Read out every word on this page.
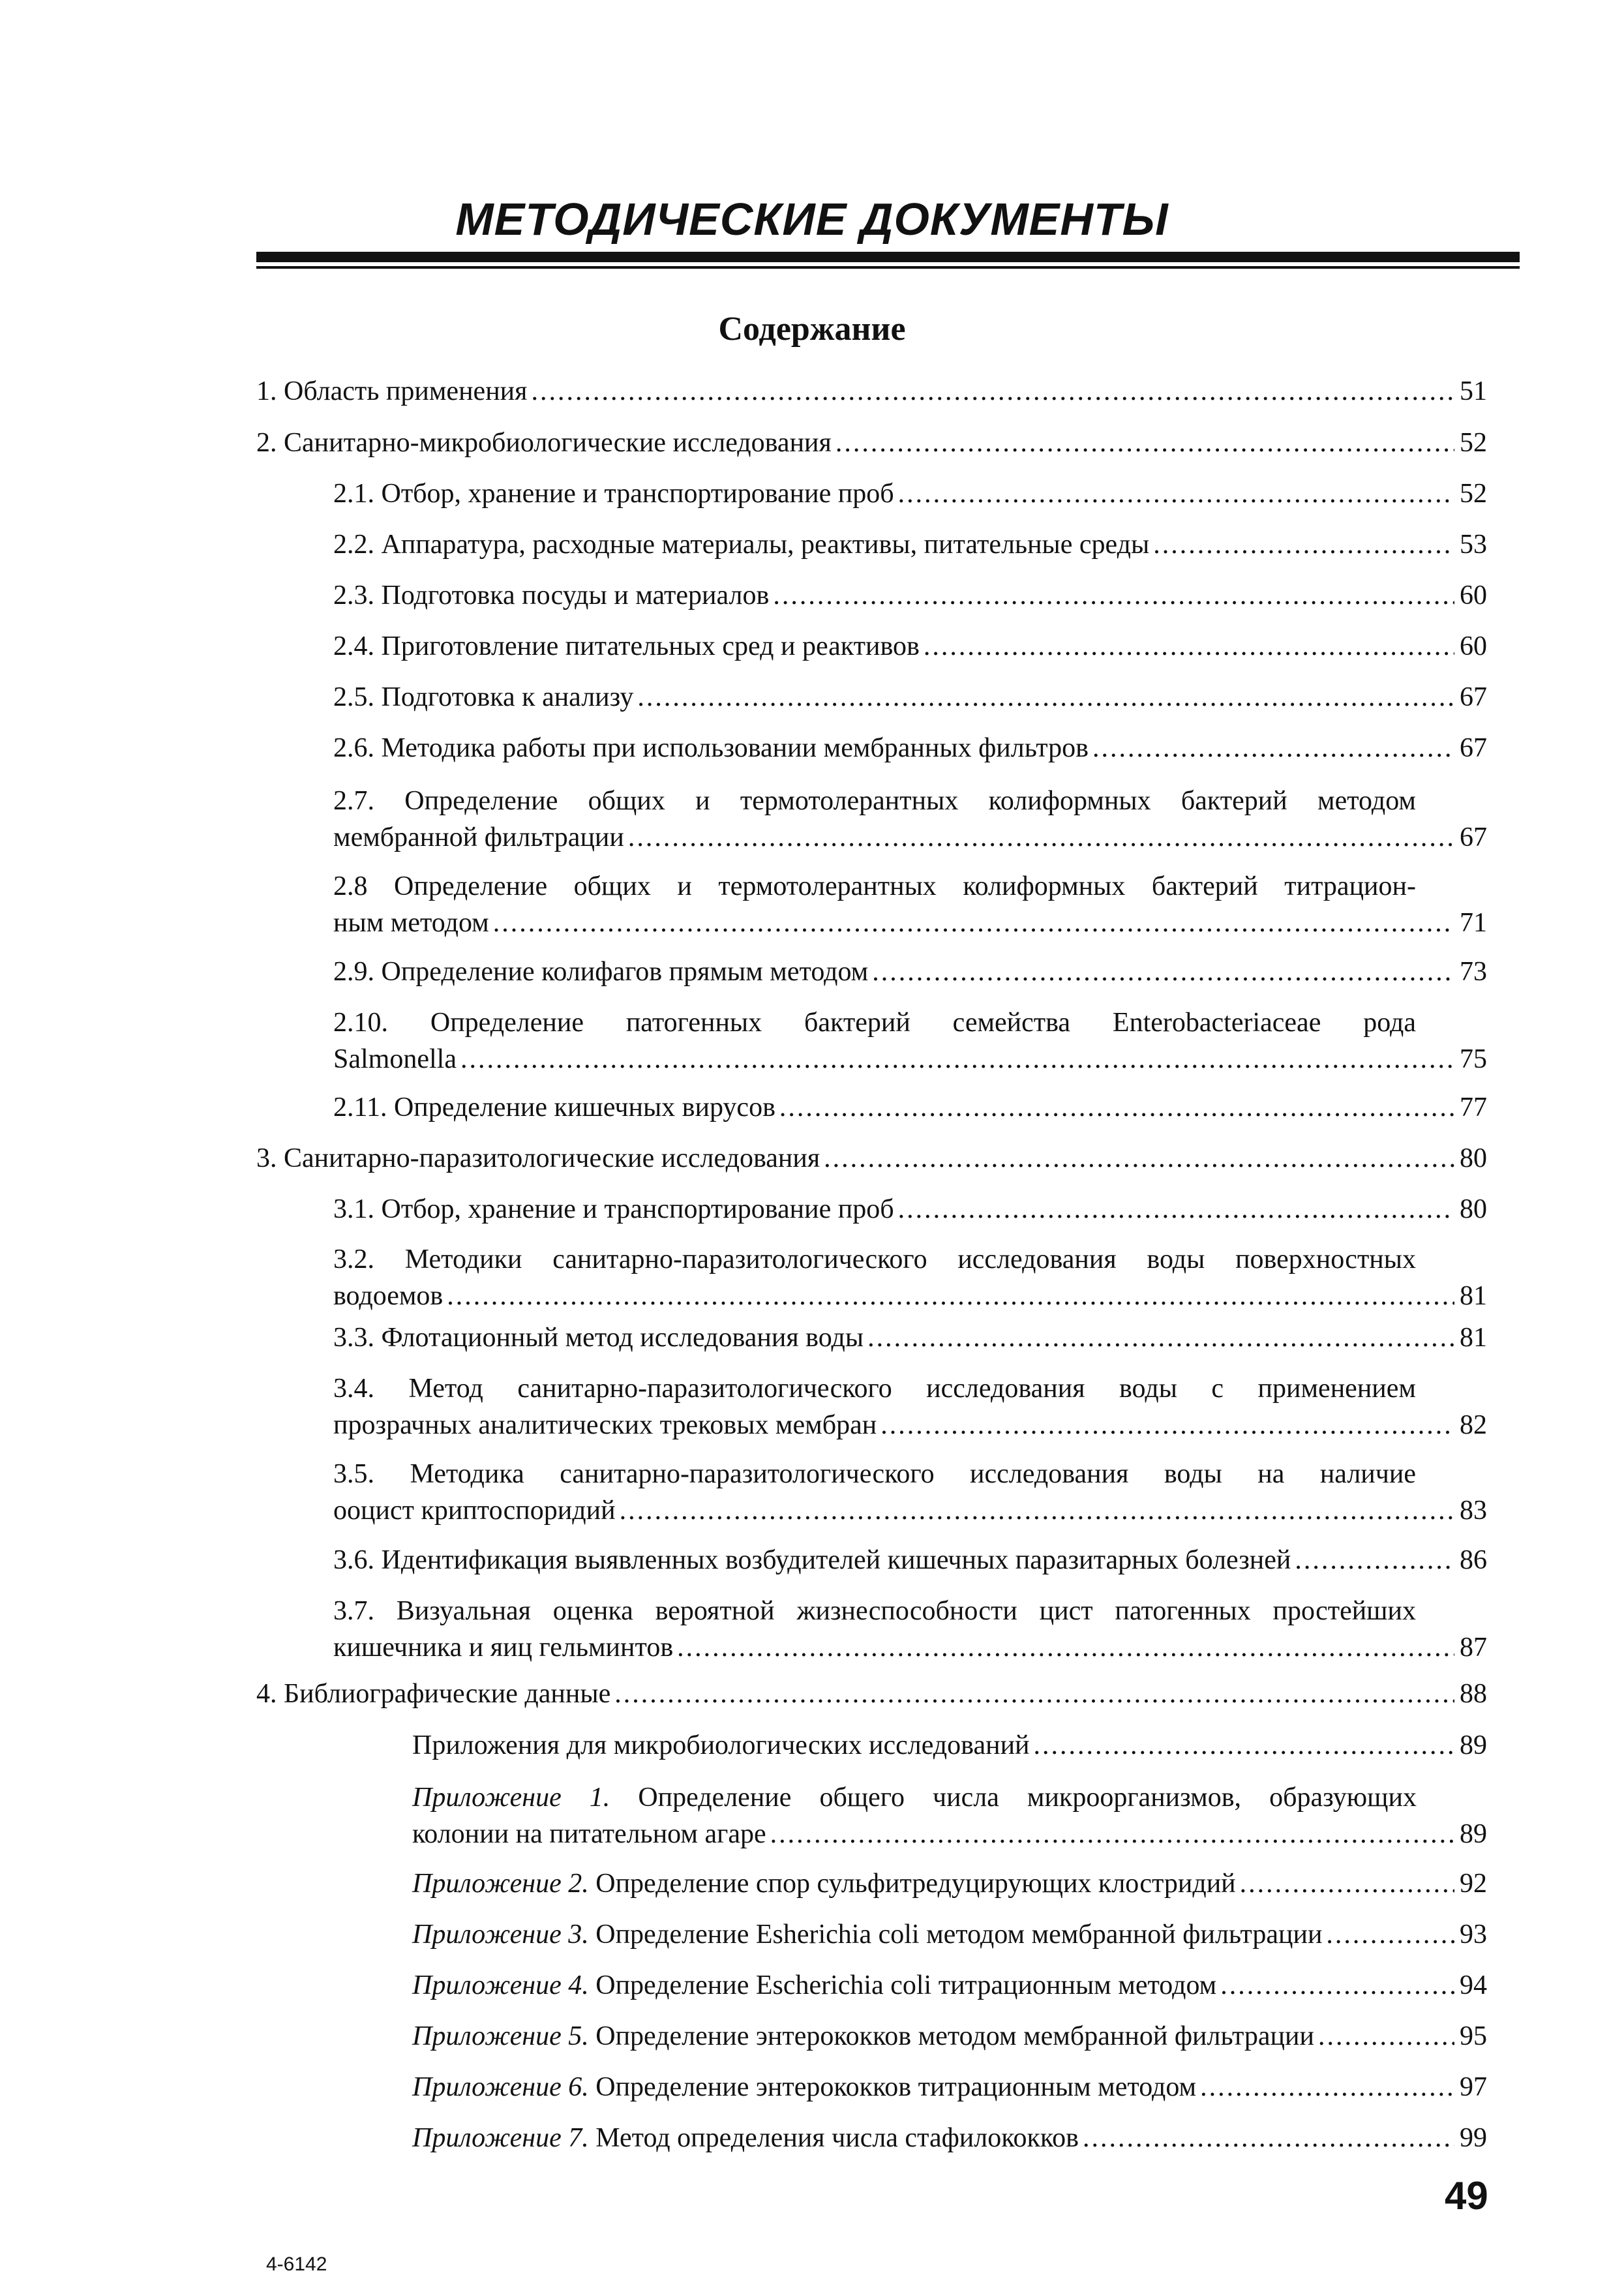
МЕТОДИЧЕСКИЕ ДОКУМЕНТЫ
Содержание
1. Область применения .....	51
2. Санитарно-микробиологические исследования .....	52
2.1. Отбор, хранение и транспортирование проб .....	52
2.2. Аппаратура, расходные материалы, реактивы, питательные среды .....	53
2.3. Подготовка посуды и материалов .....	60
2.4. Приготовление питательных сред и реактивов .....	60
2.5. Подготовка к анализу .....	67
2.6. Методика работы при использовании мембранных фильтров .....	67
2.7. Определение общих и термотолерантных колиформных бактерий методом
мембранной фильтрации .....	67
2.8 Определение общих и термотолерантных колиформных бактерий титрацион-
ным методом .....	71
2.9. Определение колифагов прямым методом .....	73
2.10. Определение патогенных бактерий семейства Enterobacteriaceae рода
Salmonella .....	75
2.11. Определение кишечных вирусов .....	77
3. Санитарно-паразитологические исследования .....	80
3.1. Отбор, хранение и транспортирование проб .....	80
3.2. Методики санитарно-паразитологического исследования воды поверхностных
водоемов .....	81
3.3. Флотационный метод исследования воды .....	81
3.4. Метод санитарно-паразитологического исследования воды с применением
прозрачных аналитических трековых мембран .....	82
3.5. Методика санитарно-паразитологического исследования воды на наличие
ооцист криптоспоридий .....	83
3.6. Идентификация выявленных возбудителей кишечных паразитарных болезней .....	86
3.7. Визуальная оценка вероятной жизнеспособности цист патогенных простейших
кишечника и яиц гельминтов .....	87
4. Библиографические данные .....	88
Приложения для микробиологических исследований .....	89
Приложение 1. Определение общего числа микроорганизмов, образующих
колонии на питательном агаре .....	89
Приложение 2. Определение спор сульфитредуцирующих клостридий .....	92
Приложение 3. Определение Esherichia coli методом мембранной фильтрации .....	93
Приложение 4. Определение Escherichia coli титрационным методом .....	94
Приложение 5. Определение энтерококков методом мембранной фильтрации .....	95
Приложение 6. Определение энтерококков титрационным методом .....	97
Приложение 7. Метод определения числа стафилококков .....	99
49
4-6142
